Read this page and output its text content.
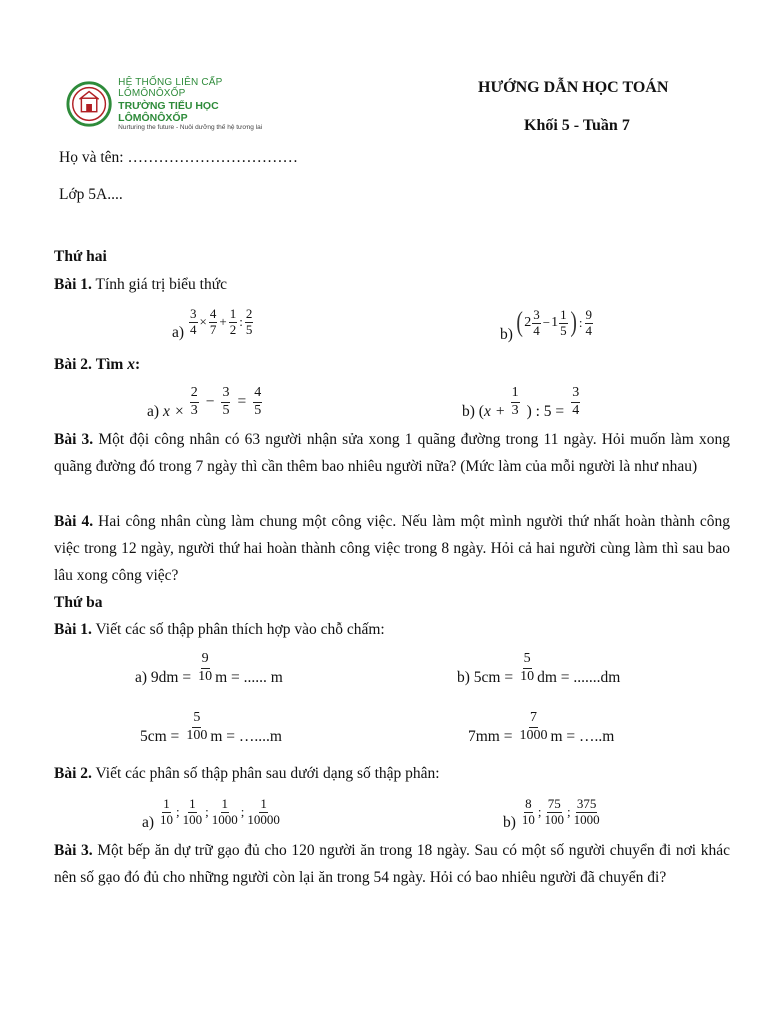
HỆ THỐNG LIÊN CẤP LÔMÔNÔXỐP
TRƯỜNG TIỂU HỌC LÔMÔNÔXỐP
Nurturing the future - Nuôi dưỡng thế hệ tương lai
HƯỚNG DẪN HỌC TOÁN
Khối 5 - Tuần 7
Họ và tên: ……………………………
Lớp 5A....
Thứ hai
Bài 1. Tính giá trị biểu thức
$a) \frac{3}{4} \times \frac{4}{7} + \frac{1}{2}$ : $\frac{2}{5}$	b) ( $2 \frac{3}{4} - 1 \frac{1}{5}$ ) : $\frac{9}{4}$
Bài 2. Tìm x:
a) $x \times \frac{2}{3} - \frac{3}{5} = \frac{4}{5}$	b) ( $x + \frac{1}{3}$ ) : $5 = \frac{3}{4}$
Bài 3. Một đội công nhân có 63 người nhận sửa xong 1 quãng đường trong 11 ngày. Hỏi muốn làm xong quãng đường đó trong 7 ngày thì cần thêm bao nhiêu người nữa? (Mức làm của mỗi người là như nhau)
Bài 4. Hai công nhân cùng làm chung một công việc. Nếu làm một mình người thứ nhất hoàn thành công việc trong 12 ngày, người thứ hai hoàn thành công việc trong 8 ngày. Hỏi cả hai người cùng làm thì sau bao lâu xong công việc?
Thứ ba
Bài 1. Viết các số thập phân thích hợp vào chỗ chấm:
a) $9dm = \frac{9}{10}$ m = ...... m	b) $5cm = \frac{5}{10}$ dm = .......dm
$5cm = \frac{5}{100}$ m = …....m	$7mm = \frac{7}{1000}$ m = …..m
Bài 2. Viết các phân số thập phân sau dưới dạng số thập phân:
$a) \frac{1}{10}$ ; $\frac{1}{100}$ ; $\frac{1}{1000}$ ; $\frac{1}{10000}$	$b) \frac{8}{10}$ ; $\frac{75}{100}$ ; $\frac{375}{1000}$
Bài 3. Một bếp ăn dự trữ gạo đủ cho 120 người ăn trong 18 ngày. Sau có một số người chuyển đi nơi khác nên số gạo đó đủ cho những người còn lại ăn trong 54 ngày. Hỏi có bao nhiêu người đã chuyển đi?
